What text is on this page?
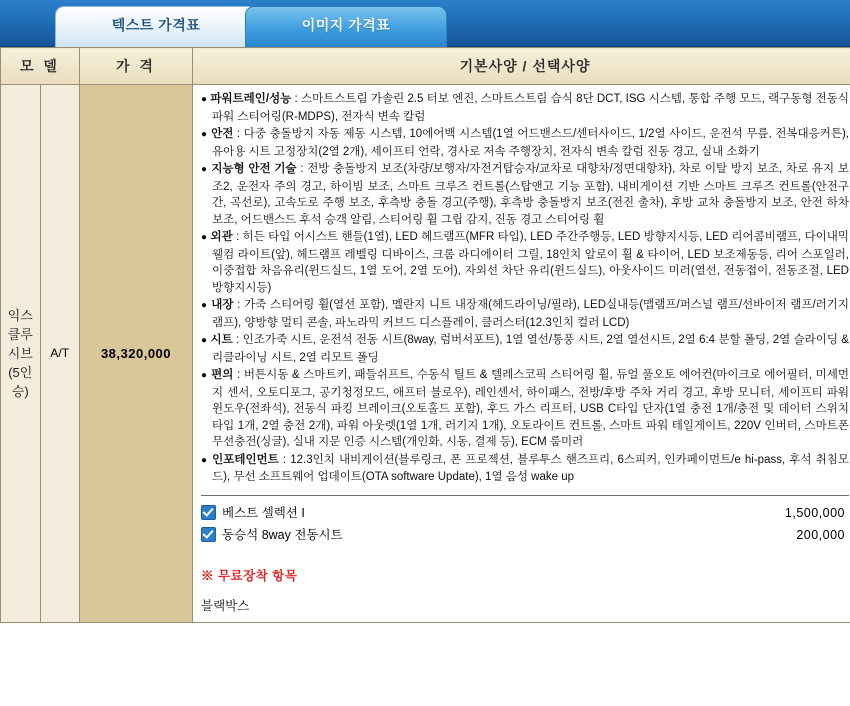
텍스트 가격표	이미지 가격표
모 델		가 격	기본사양 / 선택사양
익스클루시브(5인승)	A/T	38,320,000	
● 파워트레인/성능 : 스마트스트림 가솔린 2.5 터보 엔진, 스마트스트림 습식 8단 DCT, ISG 시스템, 통합 주행 모드, 랙구동형 전동식 파워 스티어링(R-MDPS), 전자식 변속 칼럼
● 안전 : 다중 충돌방지 자동 제동 시스템, 10에어백 시스템(1열 어드밴스드/센터사이드, 1/2열 사이드, 운전석 무릎, 전복대응커튼), 유아용 시트 고정장치(2열 2개), 세이프티 언락, 경사로 저속 주행장치, 전자식 변속 칼럼 진동 경고, 실내 소화기
● 지능형 안전 기술 : 전방 충돌방지 보조(차량/보행자/자전거탑승자/교차로 대향차/정면대항차), 차로 이탈 방지 보조, 차로 유지 보조2, 운전자 주의 경고, 하이빔 보조, 스마트 크루즈 컨트롤(스탑앤고 기능 포함), 내비게이션 기반 스마트 크루즈 컨트롤(안전구간, 곡선로), 고속도로 주행 보조, 후측방 충돌 경고(주행), 후측방 충돌방지 보조(전진 출차), 후방 교차 충돌방지 보조, 안전 하차 보조, 어드밴스드 후석 승객 알림, 스티어링 휠 그립 감지, 진동 경고 스티어링 휠
● 외관 : 히든 타입 어시스트 핸들(1열), LED 헤드램프(MFR 타입), LED 주간주행등, LED 방향지시등, LED 리어콤비램프, 다이내믹 웰컴 라이트(앞), 헤드램프 레벨링 디바이스, 크롬 라디에이터 그릴, 18인치 알로이 휠 & 타이어, LED 보조제동등, 리어 스포일러, 이중접합 차음유리(윈드실드, 1열 도어, 2열 도어), 자외선 차단 유리(윈드실드), 아웃사이드 미러(열선, 전동접이, 전동조절, LED 방향지시등)
● 내장 : 가죽 스티어링 휠(열선 포함), 멜란지 니트 내장재(헤드라이닝/필라), LED실내등(맵램프/퍼스널 램프/선바이저 램프/러기지 램프), 양방향 멀티 콘솔, 파노라믹 커브드 디스플레이, 클러스터(12.3인치 컬러 LCD)
● 시트 : 인조가죽 시트, 운전석 전동 시트(8way, 럼버서포트), 1열 열선/통풍 시트, 2열 열선시트, 2열 6:4 분할 폴딩, 2열 슬라이딩 & 리클라이닝 시트, 2열 리모트 폴딩
● 편의 : 버튼시동 & 스마트키, 패들쉬프트, 수동식 틸트 & 텔레스코픽 스티어링 휠, 듀얼 풀오토 에어컨(마이크로 에어필터, 미세먼지 센서, 오토디포그, 공기청정모드, 애프터 블로우), 레인센서, 하이패스, 전방/후방 주차 거리 경고, 후방 모니터, 세이프티 파워 윈도우(전좌석), 전동식 파킹 브레이크(오토홀드 포함), 후드 가스 리프터, USB C타입 단자(1열 충전 1개/충전 및 데이터 스위치 타입 1개, 2열 충전 2개), 파워 아웃렛(1열 1개, 러기지 1개), 오토라이트 컨트롤, 스마트 파워 테일게이트, 220V 인버터, 스마트폰 무선충전(싱글), 실내 지문 인증 시스템(개인화, 시동, 결제 등), ECM 룸미러
● 인포테인먼트 : 12.3인치 내비게이션(블루링크, 폰 프로젝션, 블루투스 핸즈프리, 6스피커, 인카페이먼트/e hi-pass, 후석 취침모드), 무선 소프트웨어 업데이트(OTA software Update), 1열 음성 wake up
베스트 셀렉션 I	1,500,000
동승석 8way 전동시트	200,000
※ 무료장착 항목
블랙박스
